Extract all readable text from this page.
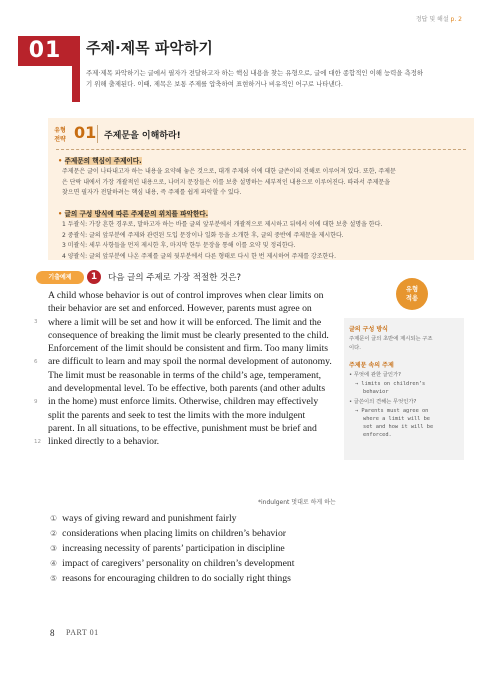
정답 및 해설 p. 2
01	주제·제목 파악하기
주제·제목 파악하기는 글에서 필자가 전달하고자 하는 핵심 내용을 찾는 유형으로, 글에 대한 종합적인 이해 능력을 측정하
기 위해 출제된다. 이때, 제목은 보통 주제를 압축하여 표현하거나 비유적인 어구로 나타낸다.
유형
전략 01 주제문을 이해하라!
• 주제문의 핵심이 주제이다.
주제문은 글이 나타내고자 하는 내용을 요약해 놓은 것으로, 대개 주제와 이에 대한 글쓴이의 견해로 이루어져 있다. 또한, 주제문
은 단락 내에서 가장 개괄적인 내용으로, 나머지 문장들은 이를 보충 설명하는 세부적인 내용으로 이루어진다. 따라서 주제문을
찾으면 필자가 전달하려는 핵심 내용, 즉 주제를 쉽게 파악할 수 있다.
• 글의 구성 방식에 따른 주제문의 위치를 파악한다.
1 두괄식: 가장 흔한 경우로, 말하고자 하는 바를 글의 앞부분에서 개괄적으로 제시하고 뒤에서 이에 대한 보충 설명을 한다.
2 중괄식: 글의 앞부분에 주제와 관련된 도입 문장이나 일화 등을 소개한 후, 글의 중반에 주제문을 제시한다.
3 미괄식: 세부 사항들을 먼저 제시한 후, 마지막 한두 문장을 통해 이를 요약 및 정리한다.
4 양괄식: 글의 앞부분에 나온 주제를 글의 뒷부분에서 다른 형태로 다시 한 번 제시하여 주제를 강조한다.
기출예제	1	다음 글의 주제로 가장 적절한 것은?
A child whose behavior is out of control improves when clear limits on
their behavior are set and enforced. However, parents must agree on
where a limit will be set and how it will be enforced. The limit and the
consequence of breaking the limit must be clearly presented to the child.
Enforcement of the limit should be consistent and firm. Too many limits
are difficult to learn and may spoil the normal development of autonomy.
The limit must be reasonable in terms of the child’s age, temperament,
and developmental level. To be effective, both parents (and other adults
in the home) must enforce limits. Otherwise, children may effectively
split the parents and seek to test the limits with the more indulgent
parent. In all situations, to be effective, punishment must be brief and
linked directly to a behavior.
3
6
9
12
유형
적용
글의 구성 방식
주제문이 글의 초반에 제시되는 구조
이다.
주제문 속의 주제
• 무엇에 관한 글인가?
→ limits on children’s
behavior
• 글쓴이의 견해는 무엇인가?
→ Parents must agree on
where a limit will be
set and how it will be
enforced.
*indulgent 멋대로 하게 하는
① ways of giving reward and punishment fairly
② considerations when placing limits on children’s behavior
③ increasing necessity of parents’ participation in discipline
④ impact of caregivers’ personality on children’s development
⑤ reasons for encouraging children to do socially right things
8 PART 01
